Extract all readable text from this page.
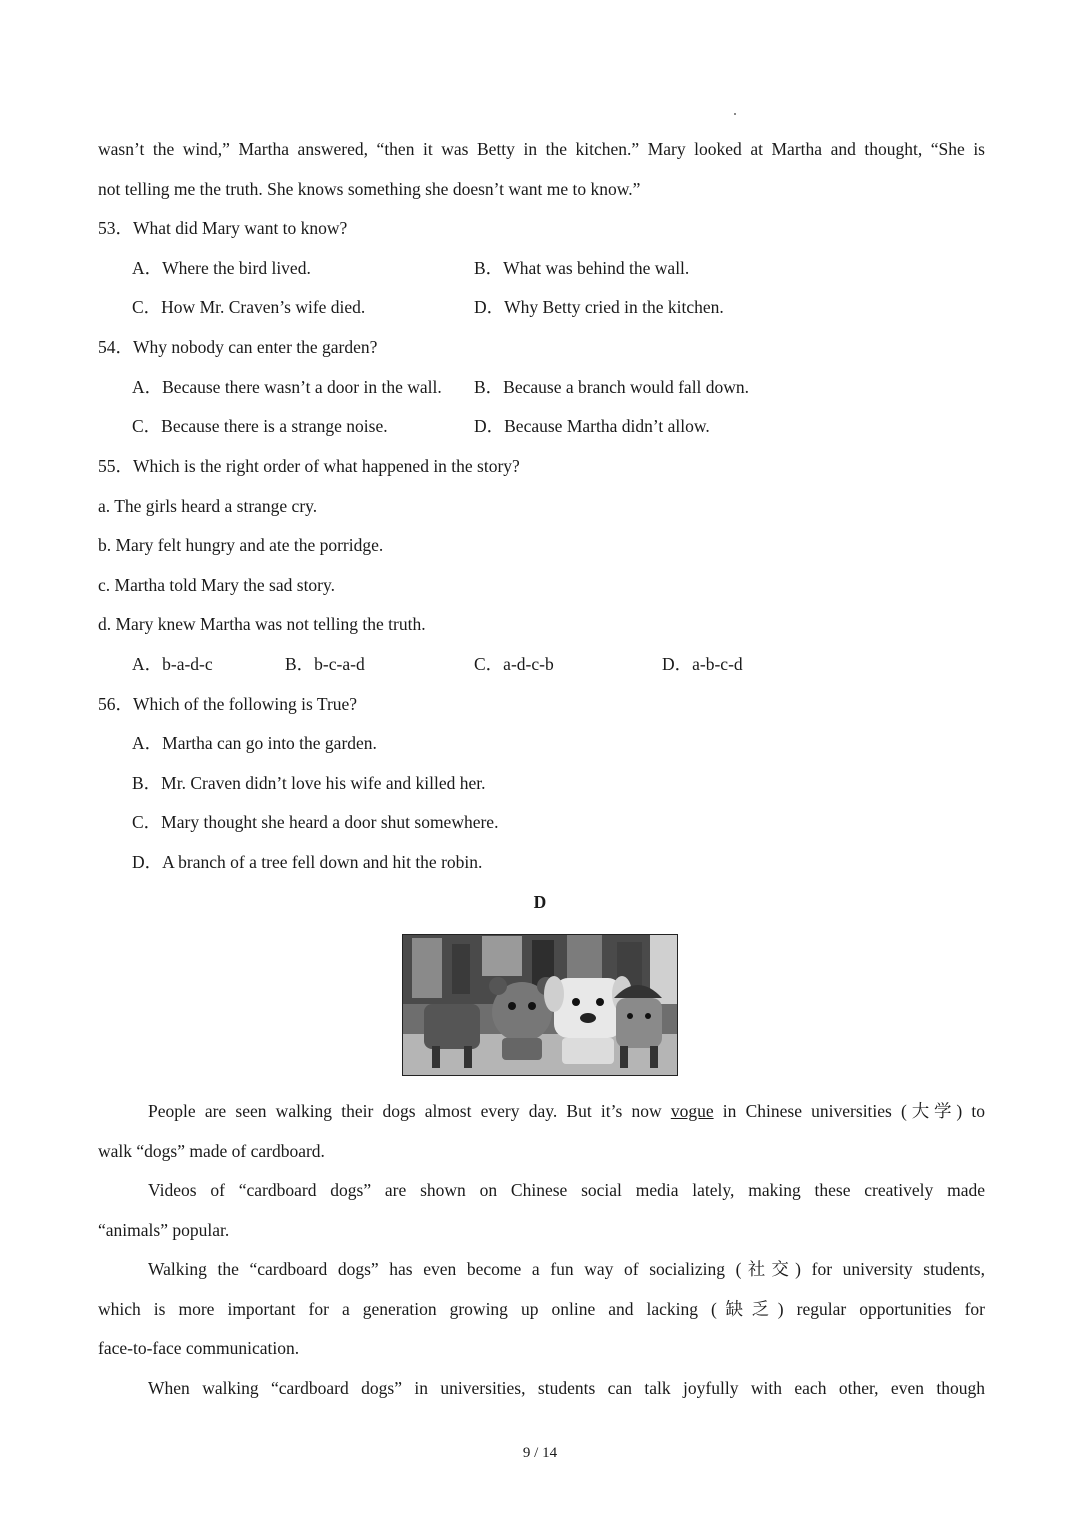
wasn’t the wind,” Martha answered, “then it was Betty in the kitchen.” Mary looked at Martha and thought, “She is
not telling me the truth. She knows something she doesn’t want me to know.”
53．What did Mary want to know?
A．Where the bird lived.	B．What was behind the wall.
C．How Mr. Craven’s wife died.	D．Why Betty cried in the kitchen.
54．Why nobody can enter the garden?
A．Because there wasn’t a door in the wall. B．Because a branch would fall down.
C．Because there is a strange noise.	D．Because Martha didn’t allow.
55．Which is the right order of what happened in the story?
a. The girls heard a strange cry.
b. Mary felt hungry and ate the porridge.
c. Martha told Mary the sad story.
d. Mary knew Martha was not telling the truth.
A．b-a-d-c	B．b-c-a-d	C．a-d-c-b	D．a-b-c-d
56．Which of the following is True?
A．Martha can go into the garden.
B．Mr. Craven didn’t love his wife and killed her.
C．Mary thought she heard a door shut somewhere.
D．A branch of a tree fell down and hit the robin.
D
People are seen walking their dogs almost every day. But it’s now vogue in Chinese universities (大学) to
walk “dogs” made of cardboard.
Videos of “cardboard dogs” are shown on Chinese social media lately, making these creatively made
“animals” popular.
Walking the “cardboard dogs” has even become a fun way of socializing (社交) for university students,
which is more important for a generation growing up online and lacking (缺乏) regular opportunities for
face-to-face communication.
When walking “cardboard dogs” in universities, students can talk joyfully with each other, even though
9 / 14
